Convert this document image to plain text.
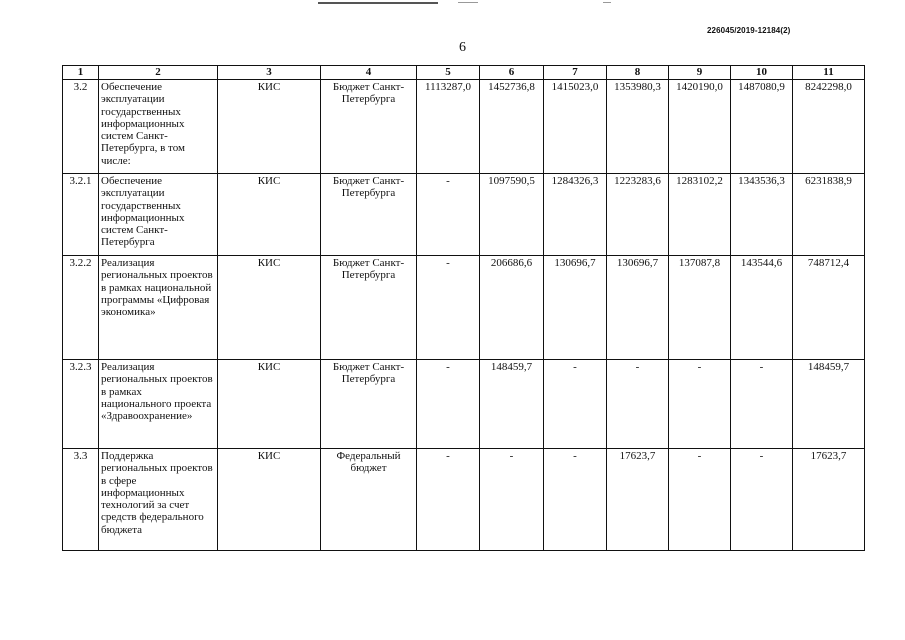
226045/2019-12184(2)
6
1	2	3	4	5	6	7	8	9	10	11
3.2	Обеспечение эксплуатации государственных информационных систем Санкт-Петербурга, в том числе:	КИС	Бюджет Санкт-Петербурга	1113287,0	1452736,8	1415023,0	1353980,3	1420190,0	1487080,9	8242298,0
3.2.1	Обеспечение эксплуатации государственных информационных систем Санкт-Петербурга	КИС	Бюджет Санкт-Петербурга	-	1097590,5	1284326,3	1223283,6	1283102,2	1343536,3	6231838,9
3.2.2	Реализация региональных проектов в рамках национальной программы «Цифровая экономика»	КИС	Бюджет Санкт-Петербурга	-	206686,6	130696,7	130696,7	137087,8	143544,6	748712,4
3.2.3	Реализация региональных проектов в рамках национального проекта «Здравоохранение»	КИС	Бюджет Санкт-Петербурга	-	148459,7	-	-	-	-	148459,7
3.3	Поддержка региональных проектов в сфере информационных технологий за счет средств федерального бюджета	КИС	Федеральный бюджет	-	-	-	17623,7	-	-	17623,7
